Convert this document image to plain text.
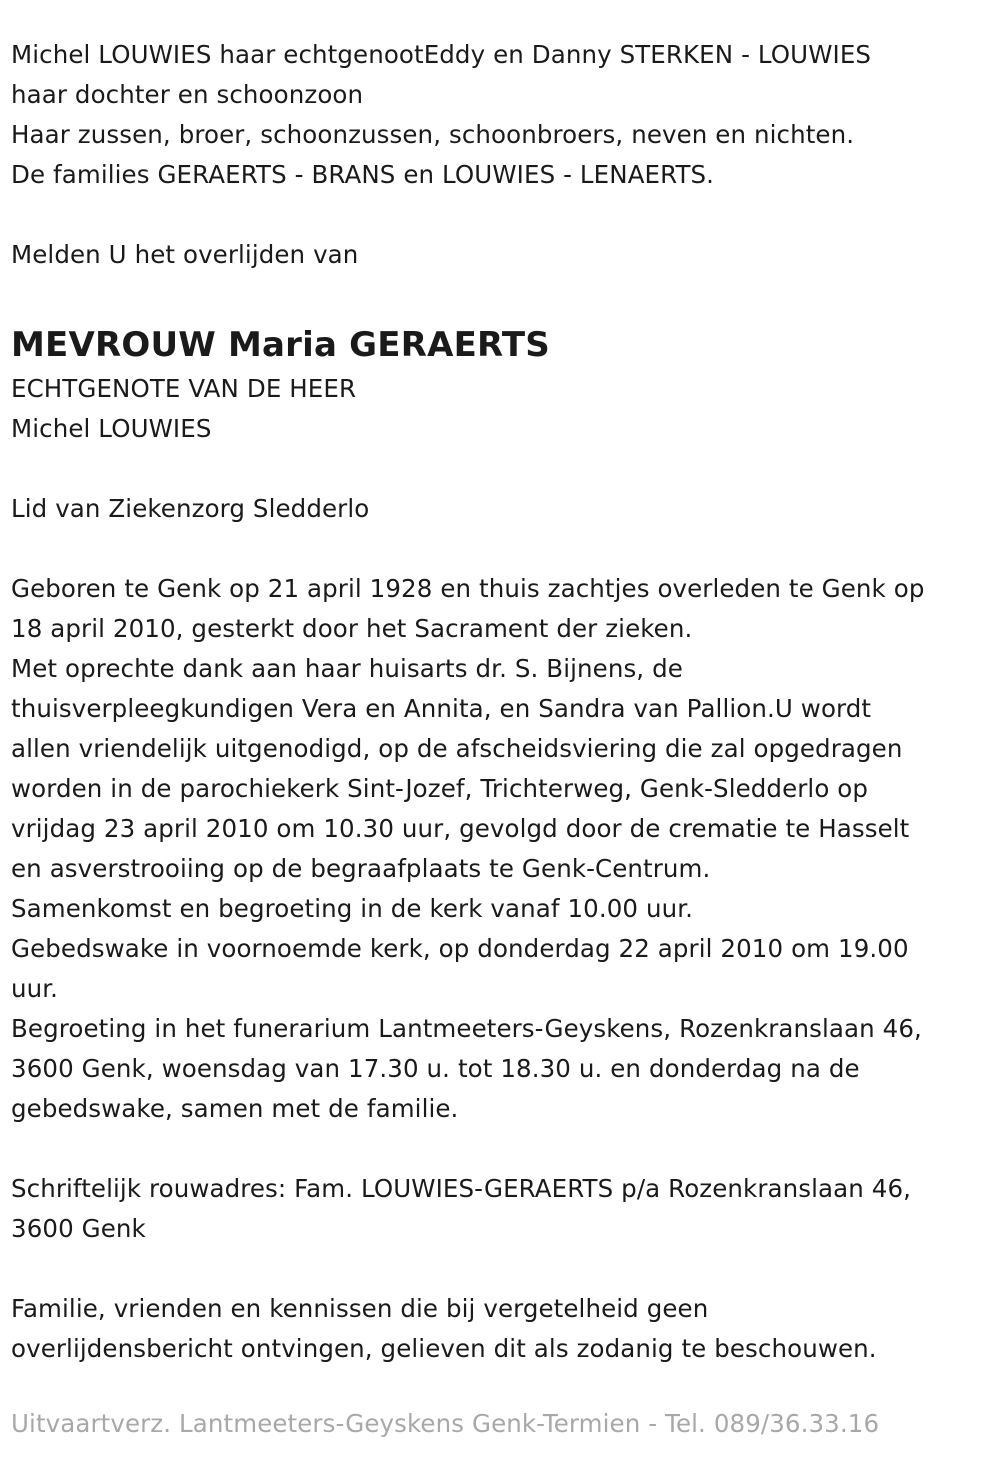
Michel LOUWIES haar echtgenootEddy en Danny STERKEN - LOUWIES
haar dochter en schoonzoon
Haar zussen, broer, schoonzussen, schoonbroers, neven en nichten.
De families GERAERTS - BRANS en LOUWIES - LENAERTS.
Melden U het overlijden van
MEVROUW Maria GERAERTS
ECHTGENOTE VAN DE HEER
Michel LOUWIES
Lid van Ziekenzorg Sledderlo
Geboren te Genk op 21 april 1928 en thuis zachtjes overleden te Genk op
18 april 2010, gesterkt door het Sacrament der zieken.
Met oprechte dank aan haar huisarts dr. S. Bijnens, de
thuisverpleegkundigen Vera en Annita, en Sandra van Pallion.U wordt
allen vriendelijk uitgenodigd, op de afscheidsviering die zal opgedragen
worden in de parochiekerk Sint-Jozef, Trichterweg, Genk-Sledderlo op
vrijdag 23 april 2010 om 10.30 uur, gevolgd door de crematie te Hasselt
en asverstrooiing op de begraafplaats te Genk-Centrum.
Samenkomst en begroeting in de kerk vanaf 10.00 uur.
Gebedswake in voornoemde kerk, op donderdag 22 april 2010 om 19.00
uur.
Begroeting in het funerarium Lantmeeters-Geyskens, Rozenkranslaan 46,
3600 Genk, woensdag van 17.30 u. tot 18.30 u. en donderdag na de
gebedswake, samen met de familie.
Schriftelijk rouwadres: Fam. LOUWIES-GERAERTS p/a Rozenkranslaan 46,
3600 Genk
Familie, vrienden en kennissen die bij vergetelheid geen
overlijdensbericht ontvingen, gelieven dit als zodanig te beschouwen.
Uitvaartverz. Lantmeeters-Geyskens Genk-Termien - Tel. 089/36.33.16
